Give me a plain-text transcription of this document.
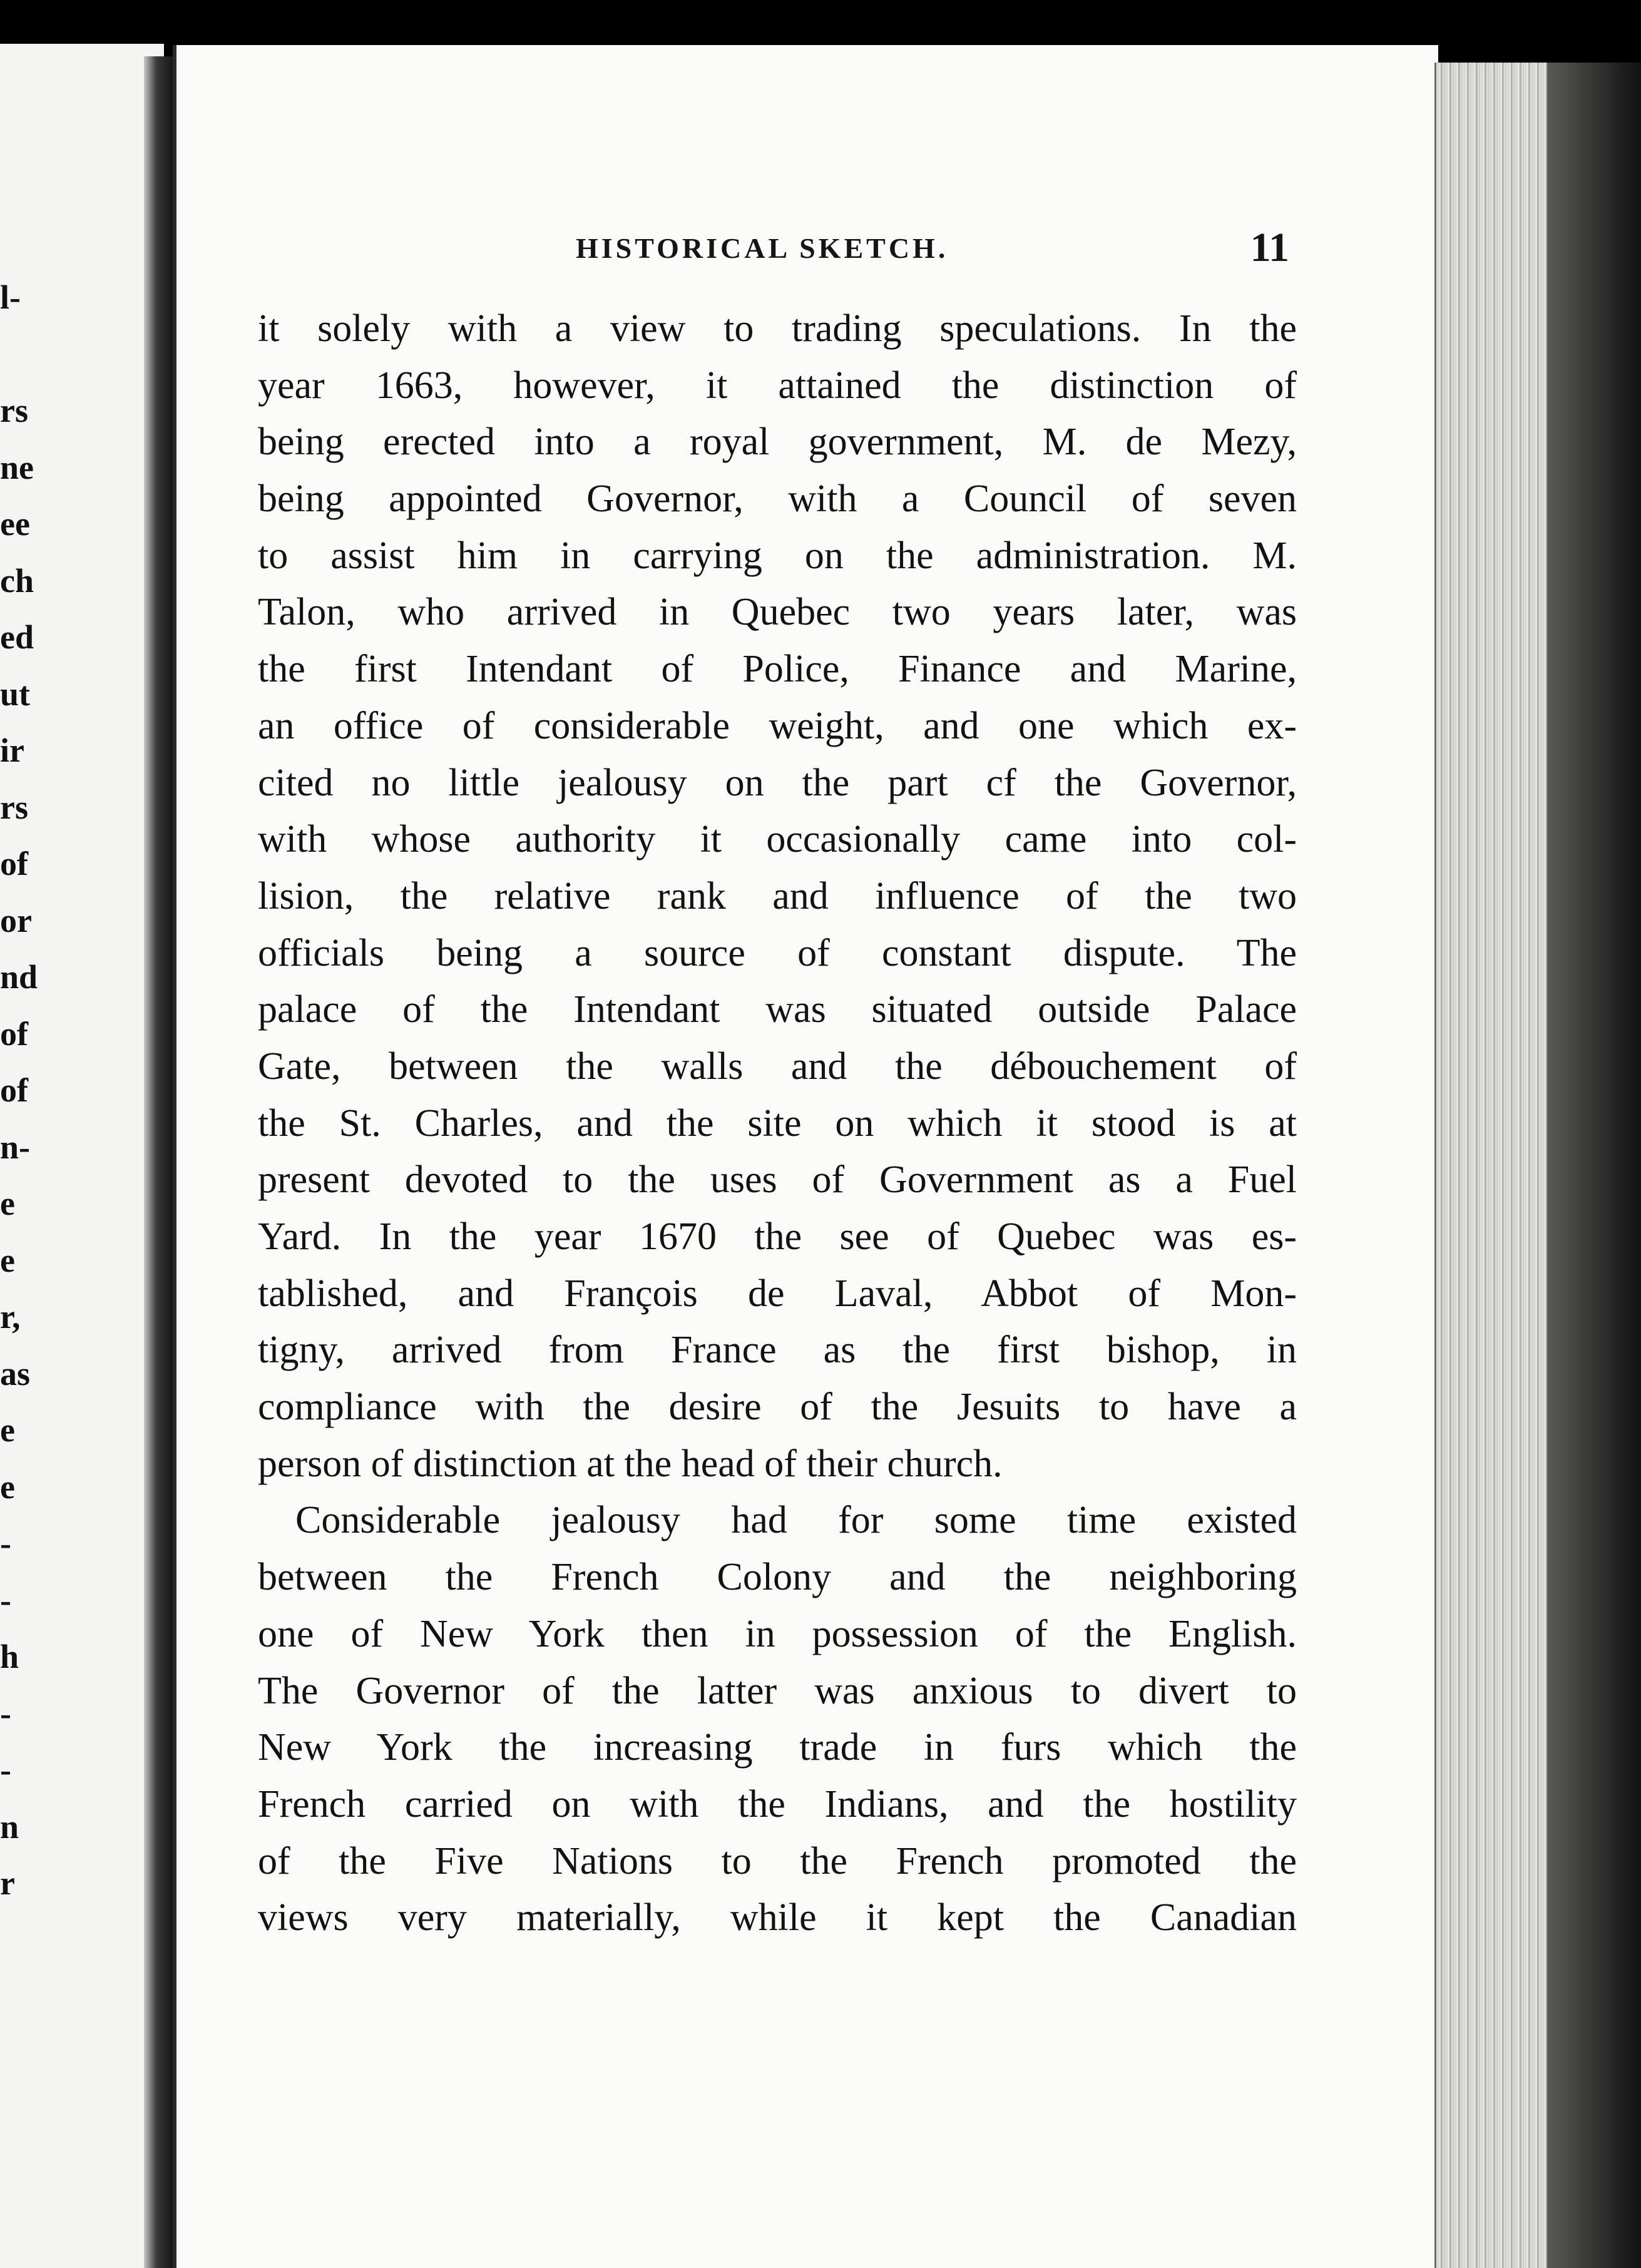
l-

rs
ne
ee
ch
ed
ut
ir
rs
of
or
nd
of
of
n-
e
e
r,
as
e
e
-
-
h
-
-
n
r
HISTORICAL SKETCH.	11
it solely with a view to trading speculations. In the
year 1663, however, it attained the distinction of
being erected into a royal government, M. de Mezy,
being appointed Governor, with a Council of seven
to assist him in carrying on the administration. M.
Talon, who arrived in Quebec two years later, was
the first Intendant of Police, Finance and Marine,
an office of considerable weight, and one which ex-
cited no little jealousy on the part cf the Governor,
with whose authority it occasionally came into col-
lision, the relative rank and influence of the two
officials being a source of constant dispute. The
palace of the Intendant was situated outside Palace
Gate, between the walls and the débouchement of
the St. Charles, and the site on which it stood is at
present devoted to the uses of Government as a Fuel
Yard. In the year 1670 the see of Quebec was es-
tablished, and François de Laval, Abbot of Mon-
tigny, arrived from France as the first bishop, in
compliance with the desire of the Jesuits to have a
person of distinction at the head of their church.
Considerable jealousy had for some time existed
between the French Colony and the neighboring
one of New York then in possession of the English.
The Governor of the latter was anxious to divert to
New York the increasing trade in furs which the
French carried on with the Indians, and the hostility
of the Five Nations to the French promoted the
views very materially, while it kept the Canadian
